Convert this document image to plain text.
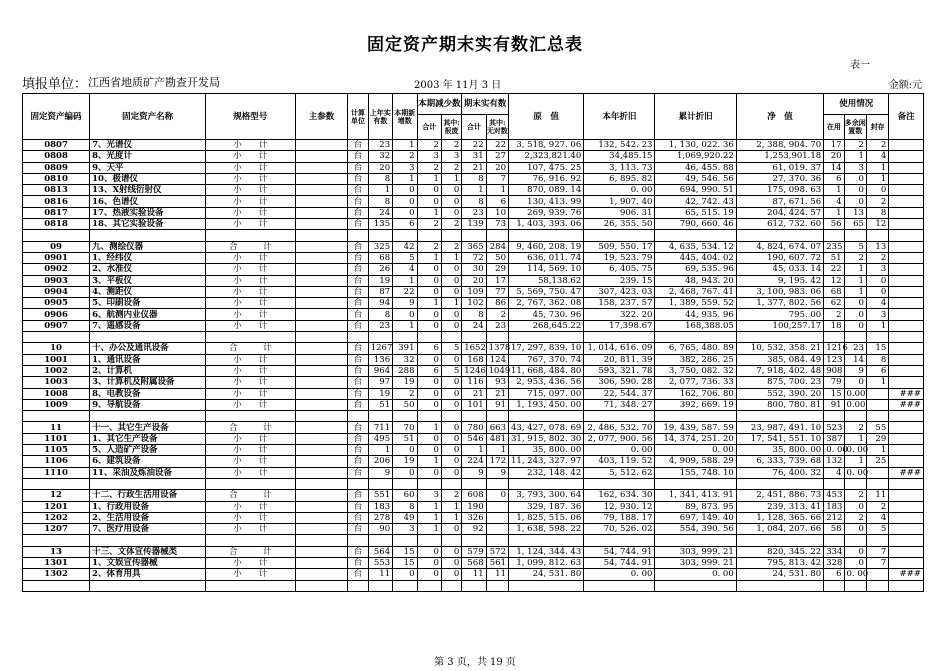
固定资产期末实有数汇总表
表一
填报单位： 江西省地质矿产勘查开发局	2003 年 11月 3 日	金额:元
固定资产编码	固定资产名称	规格型号	主参数	计算单位	上年实有数	本期新增数	本期减少数		期末实有数		原　值	本年折旧	累计折旧	净　值	使用情况			备注
							合计	其中:报废	合计	其中:无对数					在用	多余闲置数	封存	
0807	7、光谱仪	小　　计		台	23	1	2	2	22	22	3, 518, 927. 06	132, 542. 23	1, 130, 022. 36	2, 388, 904. 70	17	2	2	
0808	8、光度计	小　　计		台	32	2	3	3	31	27	2,323,821.40	34,485.15	1,069,920.22	1,253,901.18	20	1	4	
0809	9、天平	小　　计		台	20	3	2	2	21	20	107, 475. 25	3, 113. 73	46, 455. 88	61, 019. 37	14	3	1	
0810	10、极谱仪	小　　计		台	8	1	1	1	8	7	76, 916. 92	6, 895. 82	49, 546. 56	27, 370. 36	6	0	1	
0813	13、X射线衍射仪	小　　计		台	1	0	0	0	1	1	870, 089. 14	0. 00	694, 990. 51	175, 098. 63	1	0	0	
0816	16、色谱仪	小　　计		台	8	0	0	0	8	6	130, 413. 99	1, 907. 40	42, 742. 43	87, 671. 56	4	0	2	
0817	17、热液实验设备	小　　计		台	24	0	1	0	23	10	269, 939. 76	906. 31	65, 515. 19	204, 424. 57	1	13	8	
0818	18、其它实验设备	小　　计		台	135	6	2	2	139	73	1, 403, 393. 06	26, 355. 50	790, 660. 46	612, 732. 60	56	65	12	

09	九、测绘仪器	合　　　计		台	325	42	2	2	365	284	9, 460, 208. 19	509, 550. 17	4, 635, 534. 12	4, 824, 674. 07	235	5	13	
0901	1、经纬仪	小　　计		台	68	5	1	1	72	50	636, 011. 74	19, 523. 79	445, 404. 02	190, 607. 72	51	2	2	
0902	2、水准仪	小　　计		台	26	4	0	0	30	29	114, 569. 10	6, 405. 75	69, 535. 96	45, 033. 14	22	1	3	
0903	3、平板仪	小　　计		台	19	1	0	0	20	17	58,138.62	239. 15	48, 943. 20	9, 195. 42	12	1	0	
0904	4、测距仪	小　　计		台	87	22	0	0	109	77	5, 569, 750. 47	307, 423. 03	2, 468, 767. 41	3, 100, 983. 06	68	1	0	
0905	5、印刷设备	小　　计		台	94	9	1	1	102	86	2, 767, 362. 08	158, 237. 57	1, 389, 559. 52	1, 377, 802. 56	62	0	4	
0906	6、航测内业仪器	小　　计		台	8	0	0	0	8	2	45, 730. 96	322. 20	44, 935. 96	795. 00	2	0	3	
0907	7、遥感设备	小　　计		台	23	1	0	0	24	23	268,645.22	17,398.67	168,388.05	100,257.17	18	0	1	

10	十、办公及通讯设备	合　　　计		台	1267	391	6	5	1652	1378	17, 297, 839. 10	1, 014, 616. 09	6, 765, 480. 89	10, 532, 358. 21	1216	23	15	
1001	1、通讯设备	小　　计		台	136	32	0	0	168	124	767, 370. 74	20, 811. 39	382, 286. 25	385, 084. 49	123	14	8	
1002	2、计算机	小　　计		台	964	288	6	5	1246	1049	11, 668, 484. 80	593, 321. 78	3, 750, 082. 32	7, 918, 402. 48	908	9	6	
1003	3、计算机及附属设备	小　　计		台	97	19	0	0	116	93	2, 953, 436. 56	306, 590. 28	2, 077, 736. 33	875, 700. 23	79	0	1	
1008	8、电教设备	小　　计		台	19	2	0	0	21	21	715, 097. 00	22, 544. 37	162, 706. 80	552, 390. 20	15	0.00		###
1009	9、导航设备	小　　计		台	51	50	0	0	101	91	1, 193, 450. 00	71, 348. 27	392, 669. 19	800, 780. 81	91	0.00		###

11	十一、其它生产设备	合　　　计		台	711	70	1	0	780	663	43, 427, 078. 69	2, 486, 532. 70	19, 439, 587. 59	23, 987, 491. 10	523	2	55	
1101	1、其它生产设备	小　　计		台	495	51	0	0	546	481	31, 915, 802. 30	2, 077, 900. 56	14, 374, 251. 20	17, 541, 551. 10	387	1	29	
1105	5、人造矿产设备	小　　计		台	1	0	0	0	1	1	35, 800. 00	0. 00	0. 00	35, 800. 00	0. 00	0. 00	1	
1106	6、建筑设备	小　　计		台	206	19	1	0	224	172	11, 243, 327. 97	403, 119. 52	4, 909, 588. 29	6, 333, 739. 68	132	1	25	
1110	11、采油及炼油设备	小　　计		台	9	0	0	0	9	9	232, 148. 42	5, 512. 62	155, 748. 10	76, 400. 32	4	0. 00		###

12	十二、行政生活用设备	合　　　计		台	551	60	3	2	608	0	3, 793, 300. 64	162, 634. 30	1, 341, 413. 91	2, 451, 886. 73	453	2	11	
1201	1、行政用设备	小　　计		台	183	8	1	1	190		329, 187. 36	12, 930. 12	89, 873. 95	239, 313. 41	183	0	2	
1202	2、生活用设备	小　　计		台	278	49	1	1	326		1, 825, 515. 06	79, 188. 17	697, 149. 40	1, 128, 365. 66	212	2	4	
1207	7、医疗用设备	小　　计		台	90	3	1	0	92		1, 638, 598. 22	70, 526. 02	554, 390. 56	1, 084, 207. 66	58	0	5	

13	十三、文体宣传器械类	合　　　计		台	564	15	0	0	579	572	1, 124, 344. 43	54, 744. 91	303, 999. 21	820, 345. 22	334	0	7	
1301	1、文娱宣传器械	小　　计		台	553	15	0	0	568	561	1, 099, 812. 63	54, 744. 91	303, 999. 21	795, 813. 42	328	0	7	
1302	2、体育用具	小　　计		台	11	0	0	0	11	11	24, 531. 80	0. 00	0. 00	24, 531. 80	6	0. 00		###

第 3 页，共 19 页
